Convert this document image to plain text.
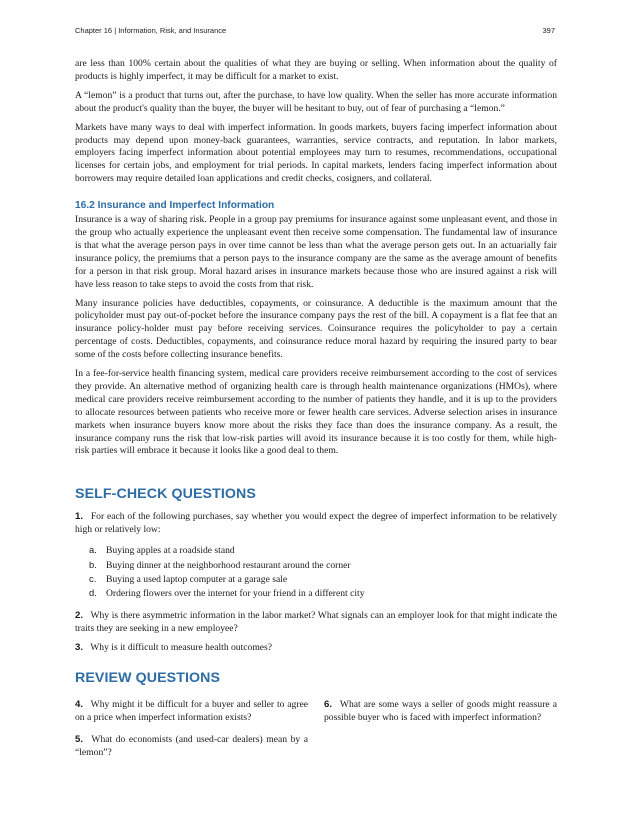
Chapter 16 | Information, Risk, and Insurance	397

are less than 100% certain about the qualities of what they are buying or selling. When information about the quality of products is highly imperfect, it may be difficult for a market to exist.

A “lemon” is a product that turns out, after the purchase, to have low quality. When the seller has more accurate information about the product's quality than the buyer, the buyer will be hesitant to buy, out of fear of purchasing a “lemon.”

Markets have many ways to deal with imperfect information. In goods markets, buyers facing imperfect information about products may depend upon money-back guarantees, warranties, service contracts, and reputation. In labor markets, employers facing imperfect information about potential employees may turn to resumes, recommendations, occupational licenses for certain jobs, and employment for trial periods. In capital markets, lenders facing imperfect information about borrowers may require detailed loan applications and credit checks, cosigners, and collateral.

16.2 Insurance and Imperfect Information

Insurance is a way of sharing risk. People in a group pay premiums for insurance against some unpleasant event, and those in the group who actually experience the unpleasant event then receive some compensation. The fundamental law of insurance is that what the average person pays in over time cannot be less than what the average person gets out. In an actuarially fair insurance policy, the premiums that a person pays to the insurance company are the same as the average amount of benefits for a person in that risk group. Moral hazard arises in insurance markets because those who are insured against a risk will have less reason to take steps to avoid the costs from that risk.

Many insurance policies have deductibles, copayments, or coinsurance. A deductible is the maximum amount that the policyholder must pay out-of-pocket before the insurance company pays the rest of the bill. A copayment is a flat fee that an insurance policy-holder must pay before receiving services. Coinsurance requires the policyholder to pay a certain percentage of costs. Deductibles, copayments, and coinsurance reduce moral hazard by requiring the insured party to bear some of the costs before collecting insurance benefits.

In a fee-for-service health financing system, medical care providers receive reimbursement according to the cost of services they provide. An alternative method of organizing health care is through health maintenance organizations (HMOs), where medical care providers receive reimbursement according to the number of patients they handle, and it is up to the providers to allocate resources between patients who receive more or fewer health care services. Adverse selection arises in insurance markets when insurance buyers know more about the risks they face than does the insurance company. As a result, the insurance company runs the risk that low-risk parties will avoid its insurance because it is too costly for them, while high-risk parties will embrace it because it looks like a good deal to them.

SELF-CHECK QUESTIONS
1. For each of the following purchases, say whether you would expect the degree of imperfect information to be relatively high or relatively low:
a. Buying apples at a roadside stand
b. Buying dinner at the neighborhood restaurant around the corner
c. Buying a used laptop computer at a garage sale
d. Ordering flowers over the internet for your friend in a different city
2. Why is there asymmetric information in the labor market? What signals can an employer look for that might indicate the traits they are seeking in a new employee?
3. Why is it difficult to measure health outcomes?
REVIEW QUESTIONS
4. Why might it be difficult for a buyer and seller to agree on a price when imperfect information exists?
5. What do economists (and used-car dealers) mean by a “lemon”?
6. What are some ways a seller of goods might reassure a possible buyer who is faced with imperfect information?
